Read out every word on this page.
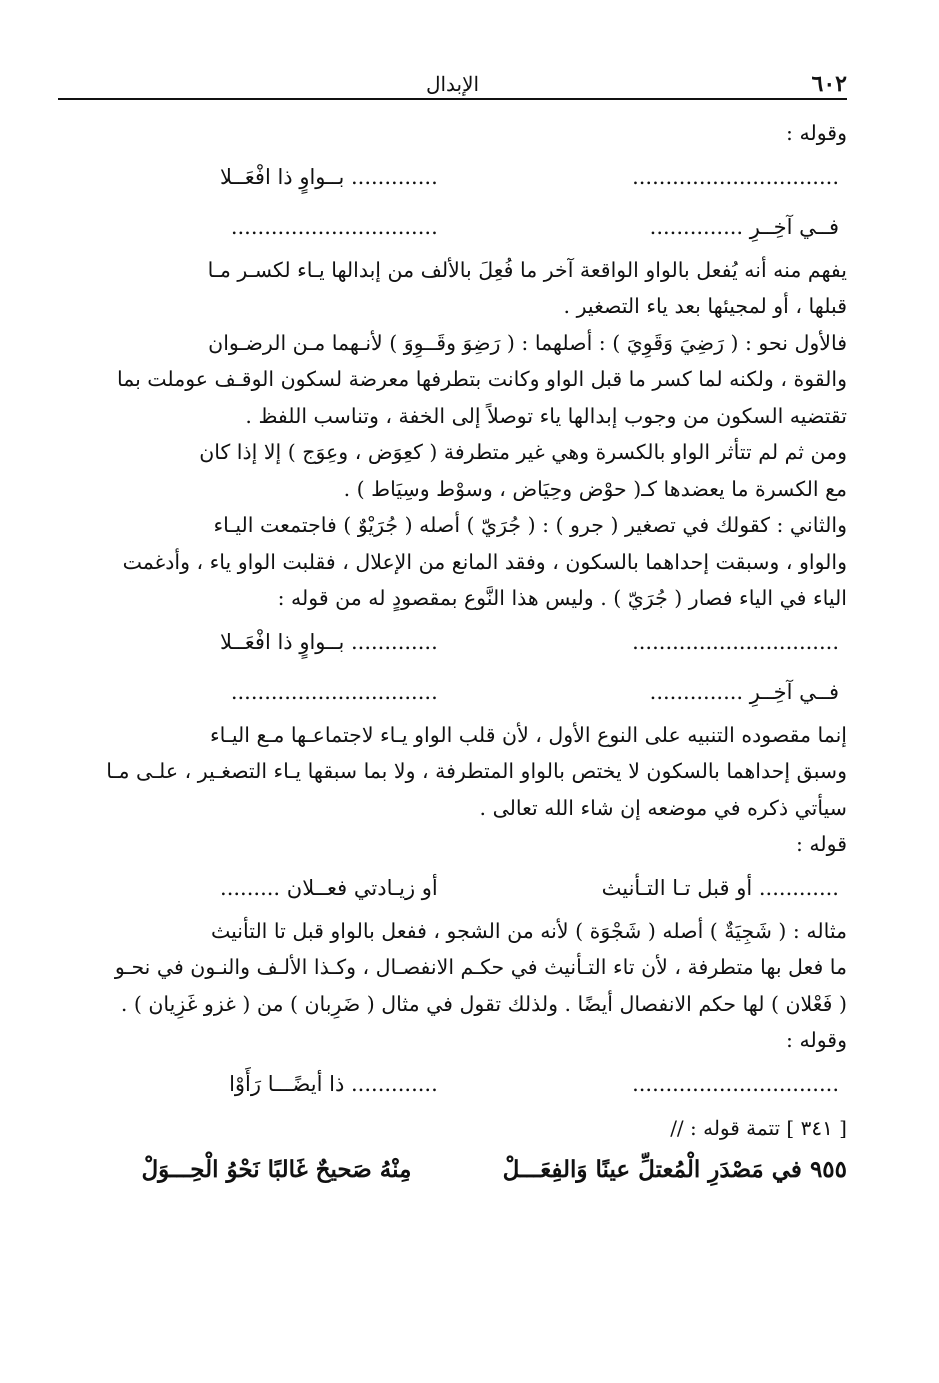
٦٠٢
الإبدال

وقوله :

...............................
............. بــواوٍ ذا افْعَــلا
فــي آخِــرِ ..............
...............................

يفهم منه أنه يُفعل بالواو الواقعة آخر ما فُعِلَ بالألف من إبدالها يـاء لكسـر مـا

قبلها ، أو لمجيئها بعد ياء التصغير .

فالأول نحو : ( رَضِيَ وَقَوِيَ ) : أصلهما : ( رَضِوَ وقَــوِوَ ) لأنـهما مـن الرضـوان

والقوة ، ولكنه لما كسر ما قبل الواو وكانت بتطرفها معرضة لسكون الوقـف عوملت بما

تقتضيه السكون من وجوب إبدالها ياء توصلاً إلى الخفة ، وتناسب اللفظ .

ومن ثم لم تتأثر الواو بالكسرة وهي غير متطرفة ( كعِوَض ، وعِوَج ) إلا إذا كان

مع الكسرة ما يعضدها كـ( حوْض وحِيَاض ، وسوْط وسِيَاط ) .

والثاني : كقولك في تصغير ( جرو ) : ( جُرَيّ ) أصله ( جُرَيْوٌ ) فاجتمعت اليـاء

والواو ، وسبقت إحداهما بالسكون ، وفقد المانع من الإعلال ، فقلبت الواو ياء ، وأدغمت

الياء في الياء فصار ( جُرَيّ ) . وليس هذا النَّوع بمقصودٍ له من قوله :

...............................
............. بــواوٍ ذا افْعَــلا
فــي آخِــرِ ..............
...............................

إنما مقصوده التنبيه على النوع الأول ، لأن قلب الواو يـاء لاجتماعـها مـع اليـاء

وسبق إحداهما بالسكون لا يختص بالواو المتطرفة ، ولا بما سبقها يـاء التصغـير ، علـى مـا

سيأتي ذكره في موضعه إن شاء الله تعالى .

قوله :

............ أو قبل تـا التـأنيث
أو زيـادتي فعــلان .........

مثاله : ( شَجِيَةٌ ) أصله ( شَجْوَة ) لأنه من الشجو ، ففعل بالواو قبل تا التأنيث

ما فعل بها متطرفة ، لأن تاء التـأنيث في حكـم الانفصـال ، وكـذا الألـف والنـون في نحـو

( فَعْلان ) لها حكم الانفصال أيضًا . ولذلك تقول في مثال ( ضَرِبان ) من ( غزو غَزِيان ) .

وقوله :

...............................
............. ذا أيضًـــا رَأَوْا

[ ٣٤١ ] تتمة قوله : //

٩٥٥ في مَصْدَرِ الْمُعتلِّ عينًا وَالفِعَـــلْ
مِنْهُ صَحيحٌ غَالبًا نَحْوُ الْحِـــوَلْ
